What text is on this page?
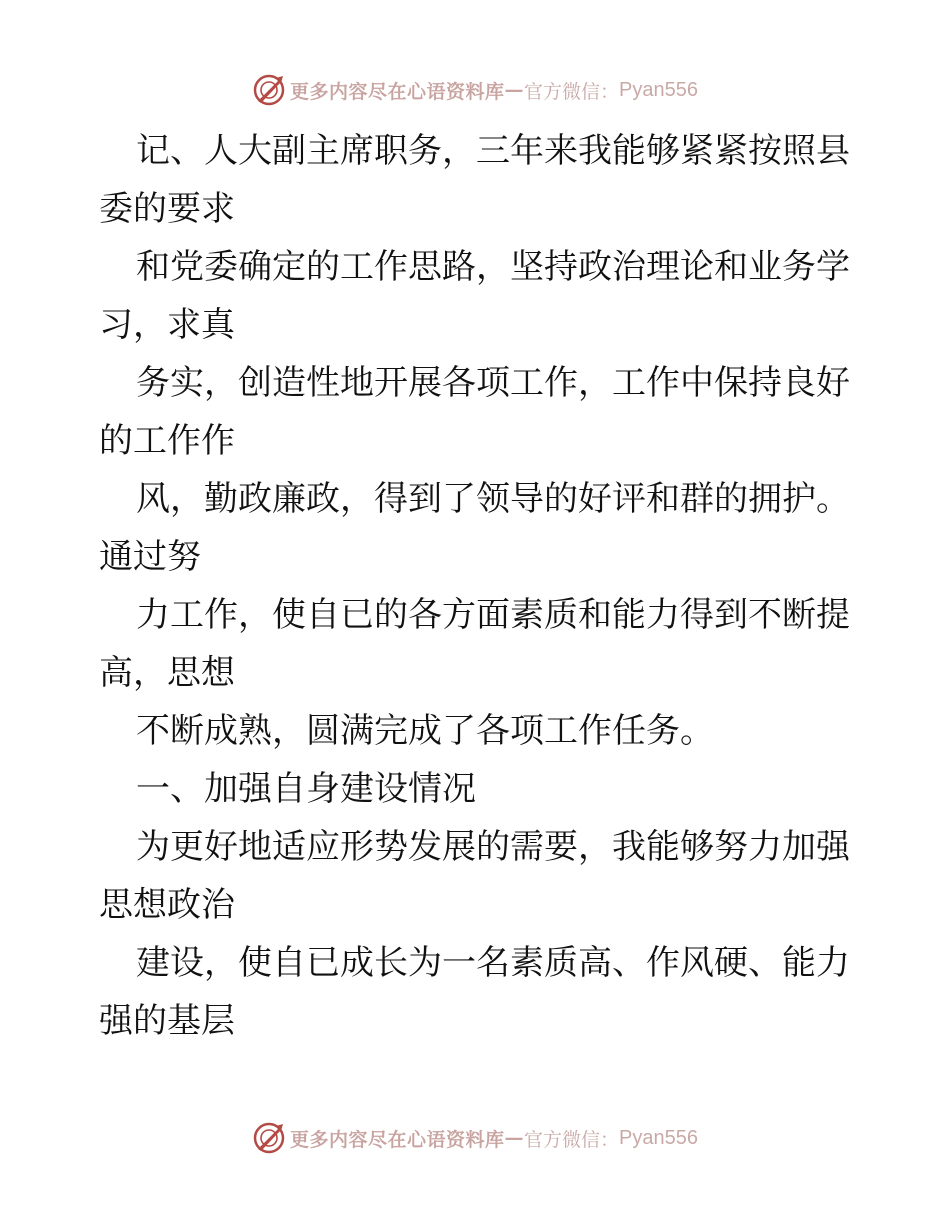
更多内容尽在心语资料库 — 官方微信： Pyan556
记、人大副主席职务，三年来我能够紧紧按照县
委的要求
和党委确定的工作思路，坚持政治理论和业务学
习，求真
务实，创造性地开展各项工作，工作中保持良好
的工作作
风，勤政廉政，得到了领导的好评和群的拥护。
通过努
力工作，使自已的各方面素质和能力得到不断提
高，思想
不断成熟，圆满完成了各项工作任务。
一、加强自身建设情况
为更好地适应形势发展的需要，我能够努力加强
思想政治
建设，使自已成长为一名素质高、作风硬、能力
强的基层
更多内容尽在心语资料库 — 官方微信： Pyan556
